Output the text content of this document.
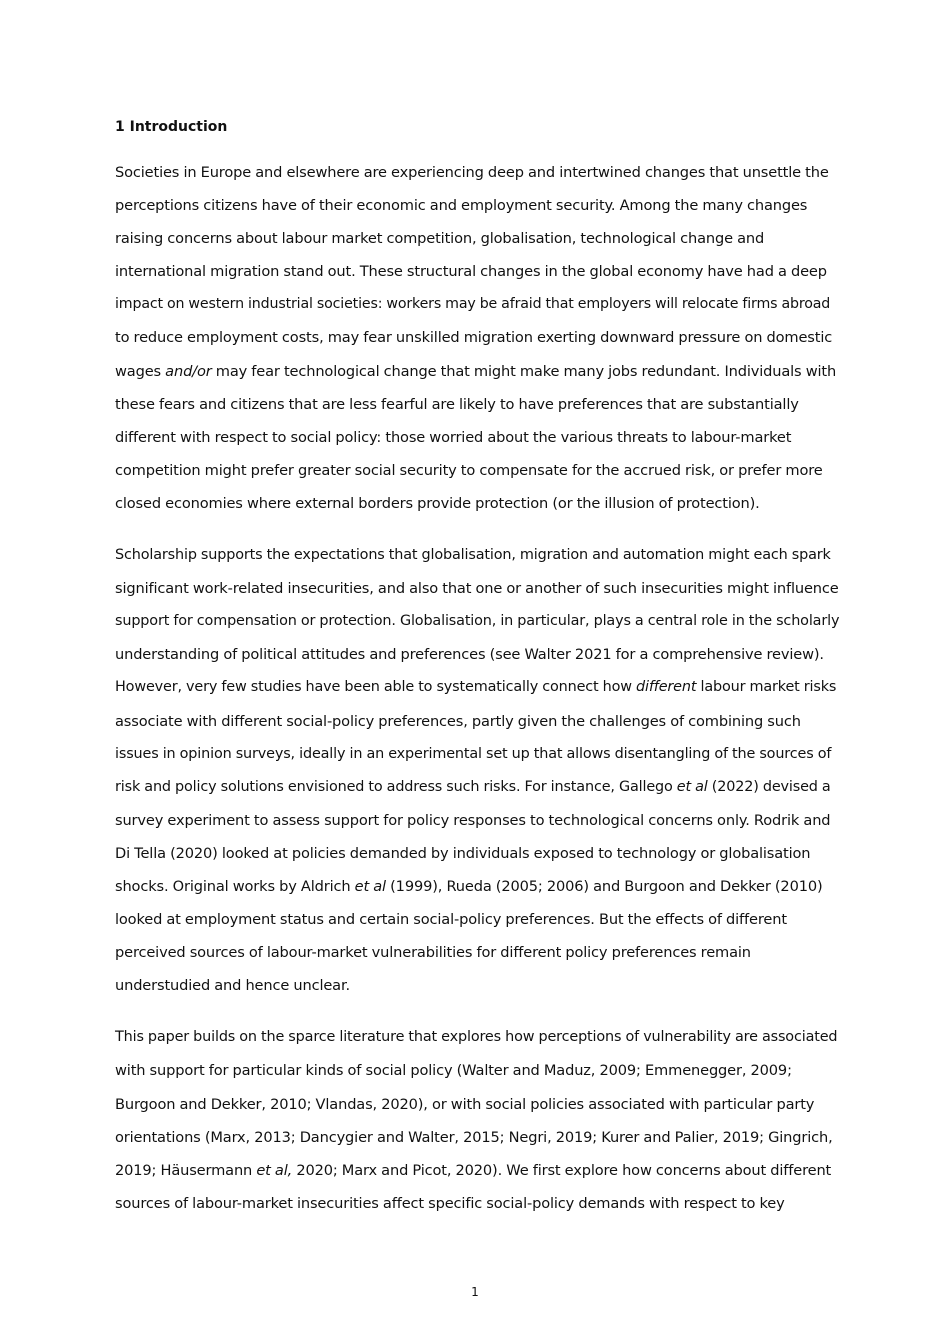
1 Introduction

Societies in Europe and elsewhere are experiencing deep and intertwined changes that unsettle the
perceptions citizens have of their economic and employment security. Among the many changes
raising concerns about labour market competition, globalisation, technological change and
international migration stand out. These structural changes in the global economy have had a deep
impact on western industrial societies: workers may be afraid that employers will relocate firms abroad
to reduce employment costs, may fear unskilled migration exerting downward pressure on domestic
wages and/or may fear technological change that might make many jobs redundant. Individuals with
these fears and citizens that are less fearful are likely to have preferences that are substantially
different with respect to social policy: those worried about the various threats to labour-market
competition might prefer greater social security to compensate for the accrued risk, or prefer more
closed economies where external borders provide protection (or the illusion of protection).

Scholarship supports the expectations that globalisation, migration and automation might each spark
significant work-related insecurities, and also that one or another of such insecurities might influence
support for compensation or protection. Globalisation, in particular, plays a central role in the scholarly
understanding of political attitudes and preferences (see Walter 2021 for a comprehensive review).
However, very few studies have been able to systematically connect how different labour market risks
associate with different social-policy preferences, partly given the challenges of combining such
issues in opinion surveys, ideally in an experimental set up that allows disentangling of the sources of
risk and policy solutions envisioned to address such risks. For instance, Gallego et al (2022) devised a
survey experiment to assess support for policy responses to technological concerns only. Rodrik and
Di Tella (2020) looked at policies demanded by individuals exposed to technology or globalisation
shocks. Original works by Aldrich et al (1999), Rueda (2005; 2006) and Burgoon and Dekker (2010)
looked at employment status and certain social-policy preferences. But the effects of different
perceived sources of labour-market vulnerabilities for different policy preferences remain
understudied and hence unclear.

This paper builds on the sparce literature that explores how perceptions of vulnerability are associated
with support for particular kinds of social policy (Walter and Maduz, 2009; Emmenegger, 2009;
Burgoon and Dekker, 2010; Vlandas, 2020), or with social policies associated with particular party
orientations (Marx, 2013; Dancygier and Walter, 2015; Negri, 2019; Kurer and Palier, 2019; Gingrich,
2019; Häusermann et al, 2020; Marx and Picot, 2020). We first explore how concerns about different
sources of labour-market insecurities affect specific social-policy demands with respect to key

1
